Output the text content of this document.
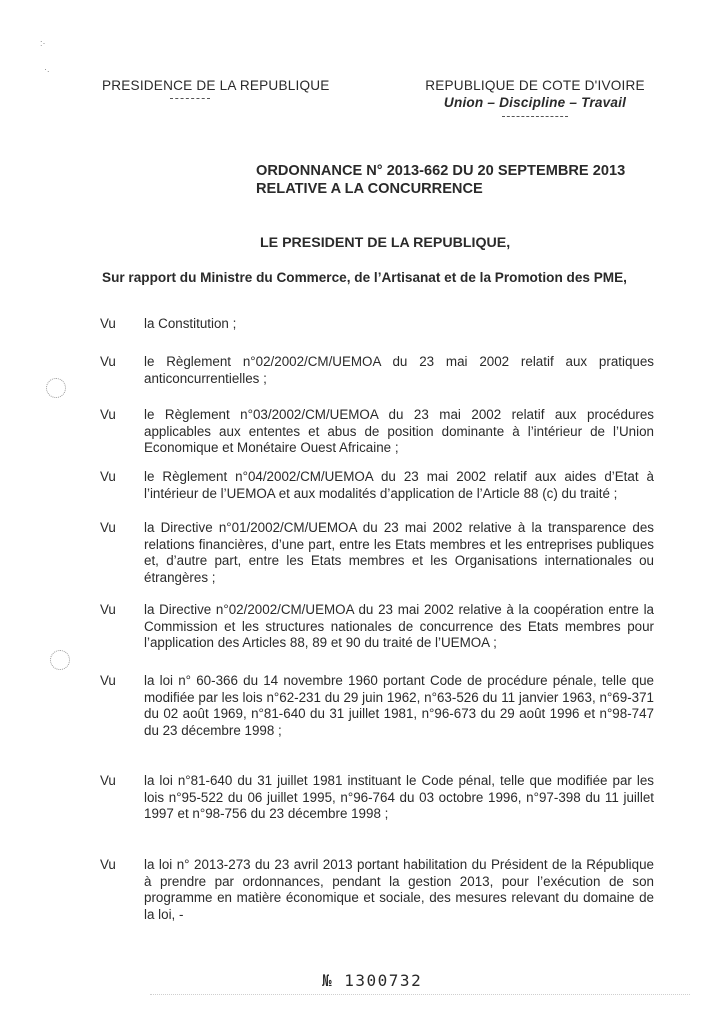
:·
·.
PRESIDENCE DE LA REPUBLIQUE	REPUBLIQUE DE COTE D'IVOIRE
Union – Discipline – Travail
ORDONNANCE N° 2013-662 DU 20 SEPTEMBRE 2013
RELATIVE A LA CONCURRENCE
LE PRESIDENT DE LA REPUBLIQUE,
Sur rapport du Ministre du Commerce, de l’Artisanat et de la Promotion des PME,
Vu	la Constitution ;
Vu	le Règlement n°02/2002/CM/UEMOA du 23 mai 2002 relatif aux pratiques anticoncurrentielles ;
Vu	le Règlement n°03/2002/CM/UEMOA du 23 mai 2002 relatif aux procédures applicables aux ententes et abus de position dominante à l’intérieur de l’Union Economique et Monétaire Ouest Africaine ;
Vu	le Règlement n°04/2002/CM/UEMOA du 23 mai 2002 relatif aux aides d’Etat à l’intérieur de l’UEMOA et aux modalités d’application de l’Article 88 (c) du traité ;
Vu	la Directive n°01/2002/CM/UEMOA du 23 mai 2002 relative à la transparence des relations financières, d’une part, entre les Etats membres et les entreprises publiques et, d’autre part, entre les Etats membres et les Organisations internationales ou étrangères ;
Vu	la Directive n°02/2002/CM/UEMOA du 23 mai 2002 relative à la coopération entre la Commission et les structures nationales de concurrence des Etats membres pour l’application des Articles 88, 89 et 90 du traité de l’UEMOA ;
Vu	la loi n° 60-366 du 14 novembre 1960 portant Code de procédure pénale, telle que modifiée par les lois n°62-231 du 29 juin 1962, n°63-526 du 11 janvier 1963, n°69-371 du 02 août 1969, n°81-640 du 31 juillet 1981, n°96-673 du 29 août 1996 et n°98-747 du 23 décembre 1998 ;
Vu	la loi n°81-640 du 31 juillet 1981 instituant le Code pénal, telle que modifiée par les lois n°95-522 du 06 juillet 1995, n°96-764 du 03 octobre 1996, n°97-398 du 11 juillet 1997 et n°98-756 du 23 décembre 1998 ;
Vu	la loi n° 2013-273 du 23 avril 2013 portant habilitation du Président de la République à prendre par ordonnances, pendant la gestion 2013, pour l’exécution de son programme en matière économique et sociale, des mesures relevant du domaine de la loi, -
№ 1300732
